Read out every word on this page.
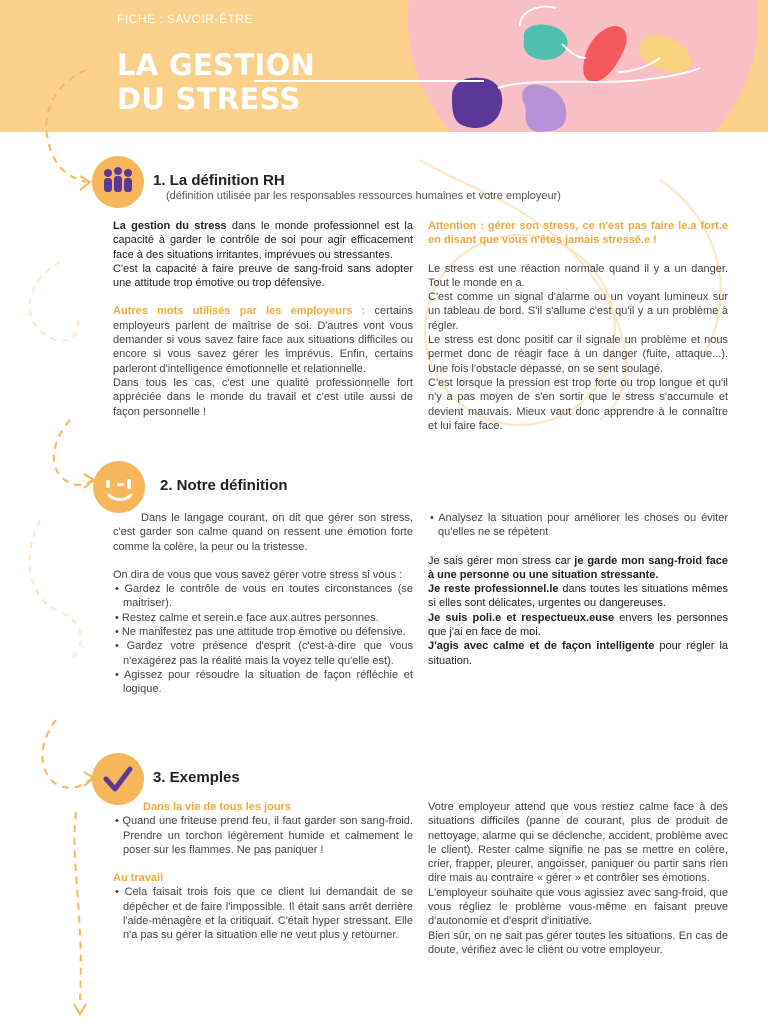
FICHE : SAVOIR-ÊTRE
LA GESTION
DU STRESS
1. La définition RH
(définition utilisée par les responsables ressources humaines et votre employeur)

La gestion du stress dans le monde professionnel est la capacité à garder le contrôle de soi pour agir efficacement face à des situations irritantes, imprévues ou stressantes.

C'est la capacité à faire preuve de sang-froid sans adopter une attitude trop émotive ou trop défensive.

Autres mots utilisés par les employeurs : certains employeurs parlent de maîtrise de soi. D'autres vont vous demander si vous savez faire face aux situations difficiles ou encore si vous savez gérer les imprévus. Enfin, certains parleront d'intelligence émotionnelle et relationnelle.

Dans tous les cas, c'est une qualité professionnelle fort appréciée dans le monde du travail et c'est utile aussi de façon personnelle !

Attention : gérer son stress, ce n'est pas faire le.a fort.e en disant que vous n'êtes jamais stressé.e !

Le stress est une réaction normale quand il y a un danger. Tout le monde en a.

C'est comme un signal d'alarme ou un voyant lumineux sur un tableau de bord. S'il s'allume c'est qu'il y a un problème à régler.

Le stress est donc positif car il signale un problème et nous permet donc de réagir face à un danger (fuite, attaque...). Une fois l'obstacle dépassé, on se sent soulagé.

C'est lorsque la pression est trop forte ou trop longue et qu'il n'y a pas moyen de s'en sortir que le stress s'accumule et devient mauvais. Mieux vaut donc apprendre à le connaître et lui faire face.

2. Notre définition

Dans le langage courant, on dit que gérer son stress, c'est garder son calme quand on ressent une émotion forte comme la colère, la peur ou la tristesse.

On dira de vous que vous savez gérer votre stress si vous :

• Gardez le contrôle de vous en toutes circonstances (se maitriser).

• Restez calme et serein.e face aux autres personnes.

• Ne manifestez pas une attitude trop émotive ou défensive.

• Gardez votre présence d'esprit (c'est-à-dire que vous n'exagérez pas la réalité mais la voyez telle qu'elle est).

• Agissez pour résoudre la situation de façon réfléchie et logique.

• Analysez la situation pour améliorer les choses ou éviter qu'elles ne se répètent

Je sais gérer mon stress car je garde mon sang-froid face à une personne ou une situation stressante.

Je reste professionnel.le dans toutes les situations mêmes si elles sont délicates, urgentes ou dangereuses.

Je suis poli.e et respectueux.euse envers les personnes que j'ai en face de moi.

J'agis avec calme et de façon intelligente pour régler la situation.

3. Exemples

Dans la vie de tous les jours

• Quand une friteuse prend feu, il faut garder son sang-froid. Prendre un torchon légèrement humide et calmement le poser sur les flammes. Ne pas paniquer !

Au travail

• Cela faisait trois fois que ce client lui demandait de se dépêcher et de faire l'impossible. Il était sans arrêt derrière l'aide-ménagère et la critiquait. C'était hyper stressant. Elle n'a pas su gérer la situation elle ne veut plus y retourner.

Votre employeur attend que vous restiez calme face à des situations difficiles (panne de courant, plus de produit de nettoyage, alarme qui se déclenche, accident, problème avec le client). Rester calme signifie ne pas se mettre en colère, crier, frapper, pleurer, angoisser, paniquer ou partir sans rien dire mais au contraire « gérer » et contrôler ses émotions.

L'employeur souhaite que vous agissiez avec sang-froid, que vous régliez le problème vous-même en faisant preuve d'autonomie et d'esprit d'initiative.

Bien sûr, on ne sait pas gérer toutes les situations. En cas de doute, vérifiez avec le client ou votre employeur.
